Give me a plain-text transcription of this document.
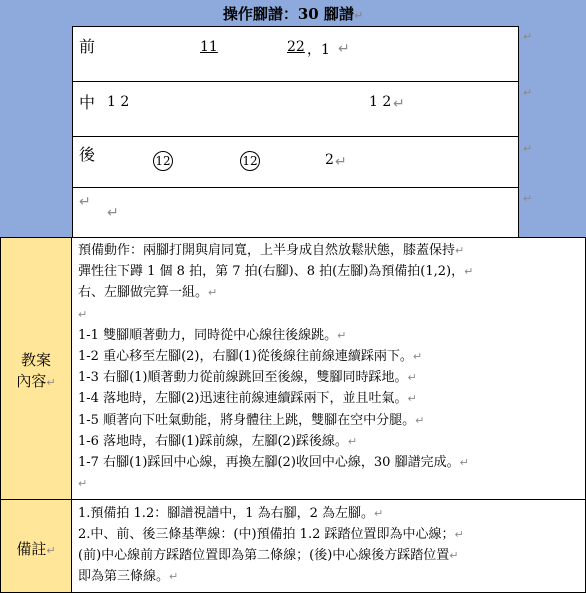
操作腳譜：30 腳譜↵
前	11	22 ，1 ↵
↵
中 1 2	1 2 ↵
↵
後	12	12	2 ↵
↵
↵
↵
↵
教案
內容↵
預備動作：兩腳打開與肩同寬，上半身成自然放鬆狀態，膝蓋保持↵
彈性往下蹲 1 個 8 拍，第 7 拍(右腳)、8 拍(左腳)為預備拍(1,2)，↵
右、左腳做完算一組。↵
↵
1-1 雙腳順著動力，同時從中心線往後線跳。↵
1-2 重心移至左腳(2)，右腳(1)從後線往前線連續踩兩下。↵
1-3 右腳(1)順著動力從前線跳回至後線，雙腳同時踩地。↵
1-4 落地時，左腳(2)迅速往前線連續踩兩下，並且吐氣。↵
1-5 順著向下吐氣動能，將身體往上跳，雙腳在空中分腿。↵
1-6 落地時，右腳(1)踩前線，左腳(2)踩後線。↵
1-7 右腳(1)踩回中心線，再換左腳(2)收回中心線，30 腳譜完成。↵
↵
備註↵
1.預備拍 1.2：腳譜視譜中，1 為右腳，2 為左腳。↵
2.中、前、後三條基準線：(中)預備拍 1.2 踩踏位置即為中心線；↵
(前)中心線前方踩踏位置即為第二條線；(後)中心線後方踩踏位置↵
即為第三條線。↵
